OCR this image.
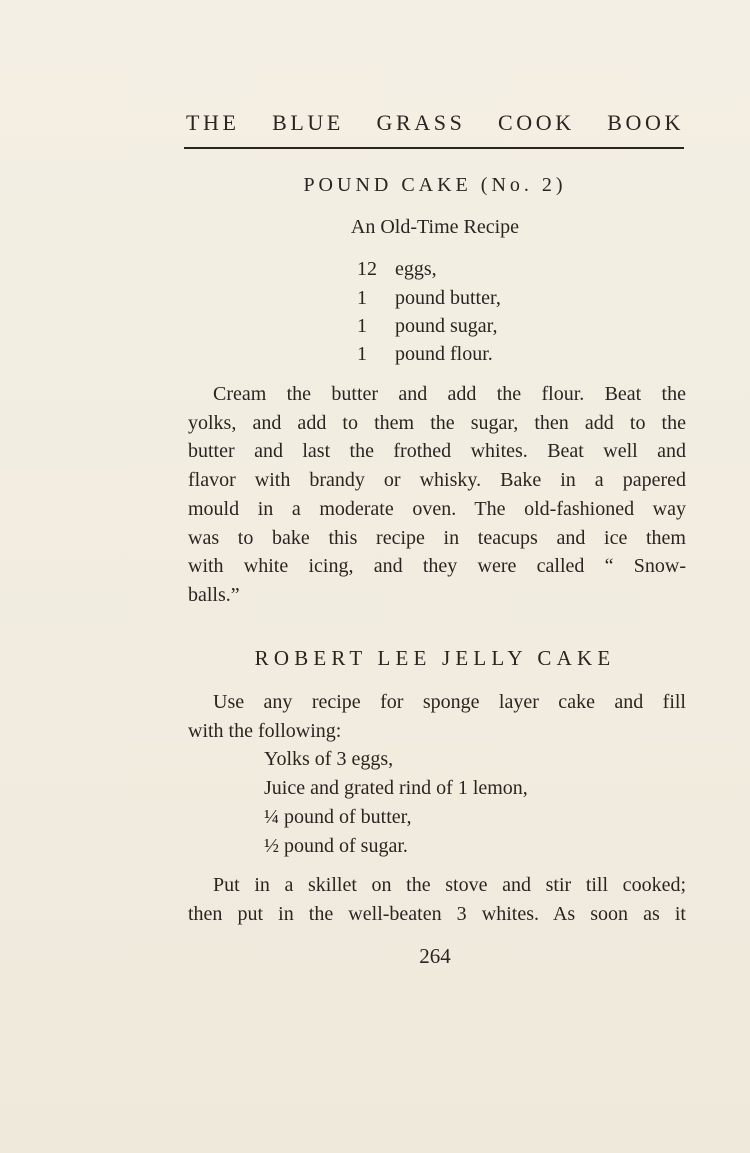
THE BLUE GRASS COOK BOOK
POUND CAKE (No. 2)
An Old-Time Recipe
12 eggs,
1 pound butter,
1 pound sugar,
1 pound flour.
Cream the butter and add the flour. Beat the
yolks, and add to them the sugar, then add to the
butter and last the frothed whites. Beat well and
flavor with brandy or whisky. Bake in a papered
mould in a moderate oven. The old-fashioned way
was to bake this recipe in teacups and ice them
with white icing, and they were called “ Snow-
balls.”
ROBERT LEE JELLY CAKE
Use any recipe for sponge layer cake and fill
with the following:
Yolks of 3 eggs,
Juice and grated rind of 1 lemon,
¼ pound of butter,
½ pound of sugar.
Put in a skillet on the stove and stir till cooked;
then put in the well-beaten 3 whites. As soon as it
264
